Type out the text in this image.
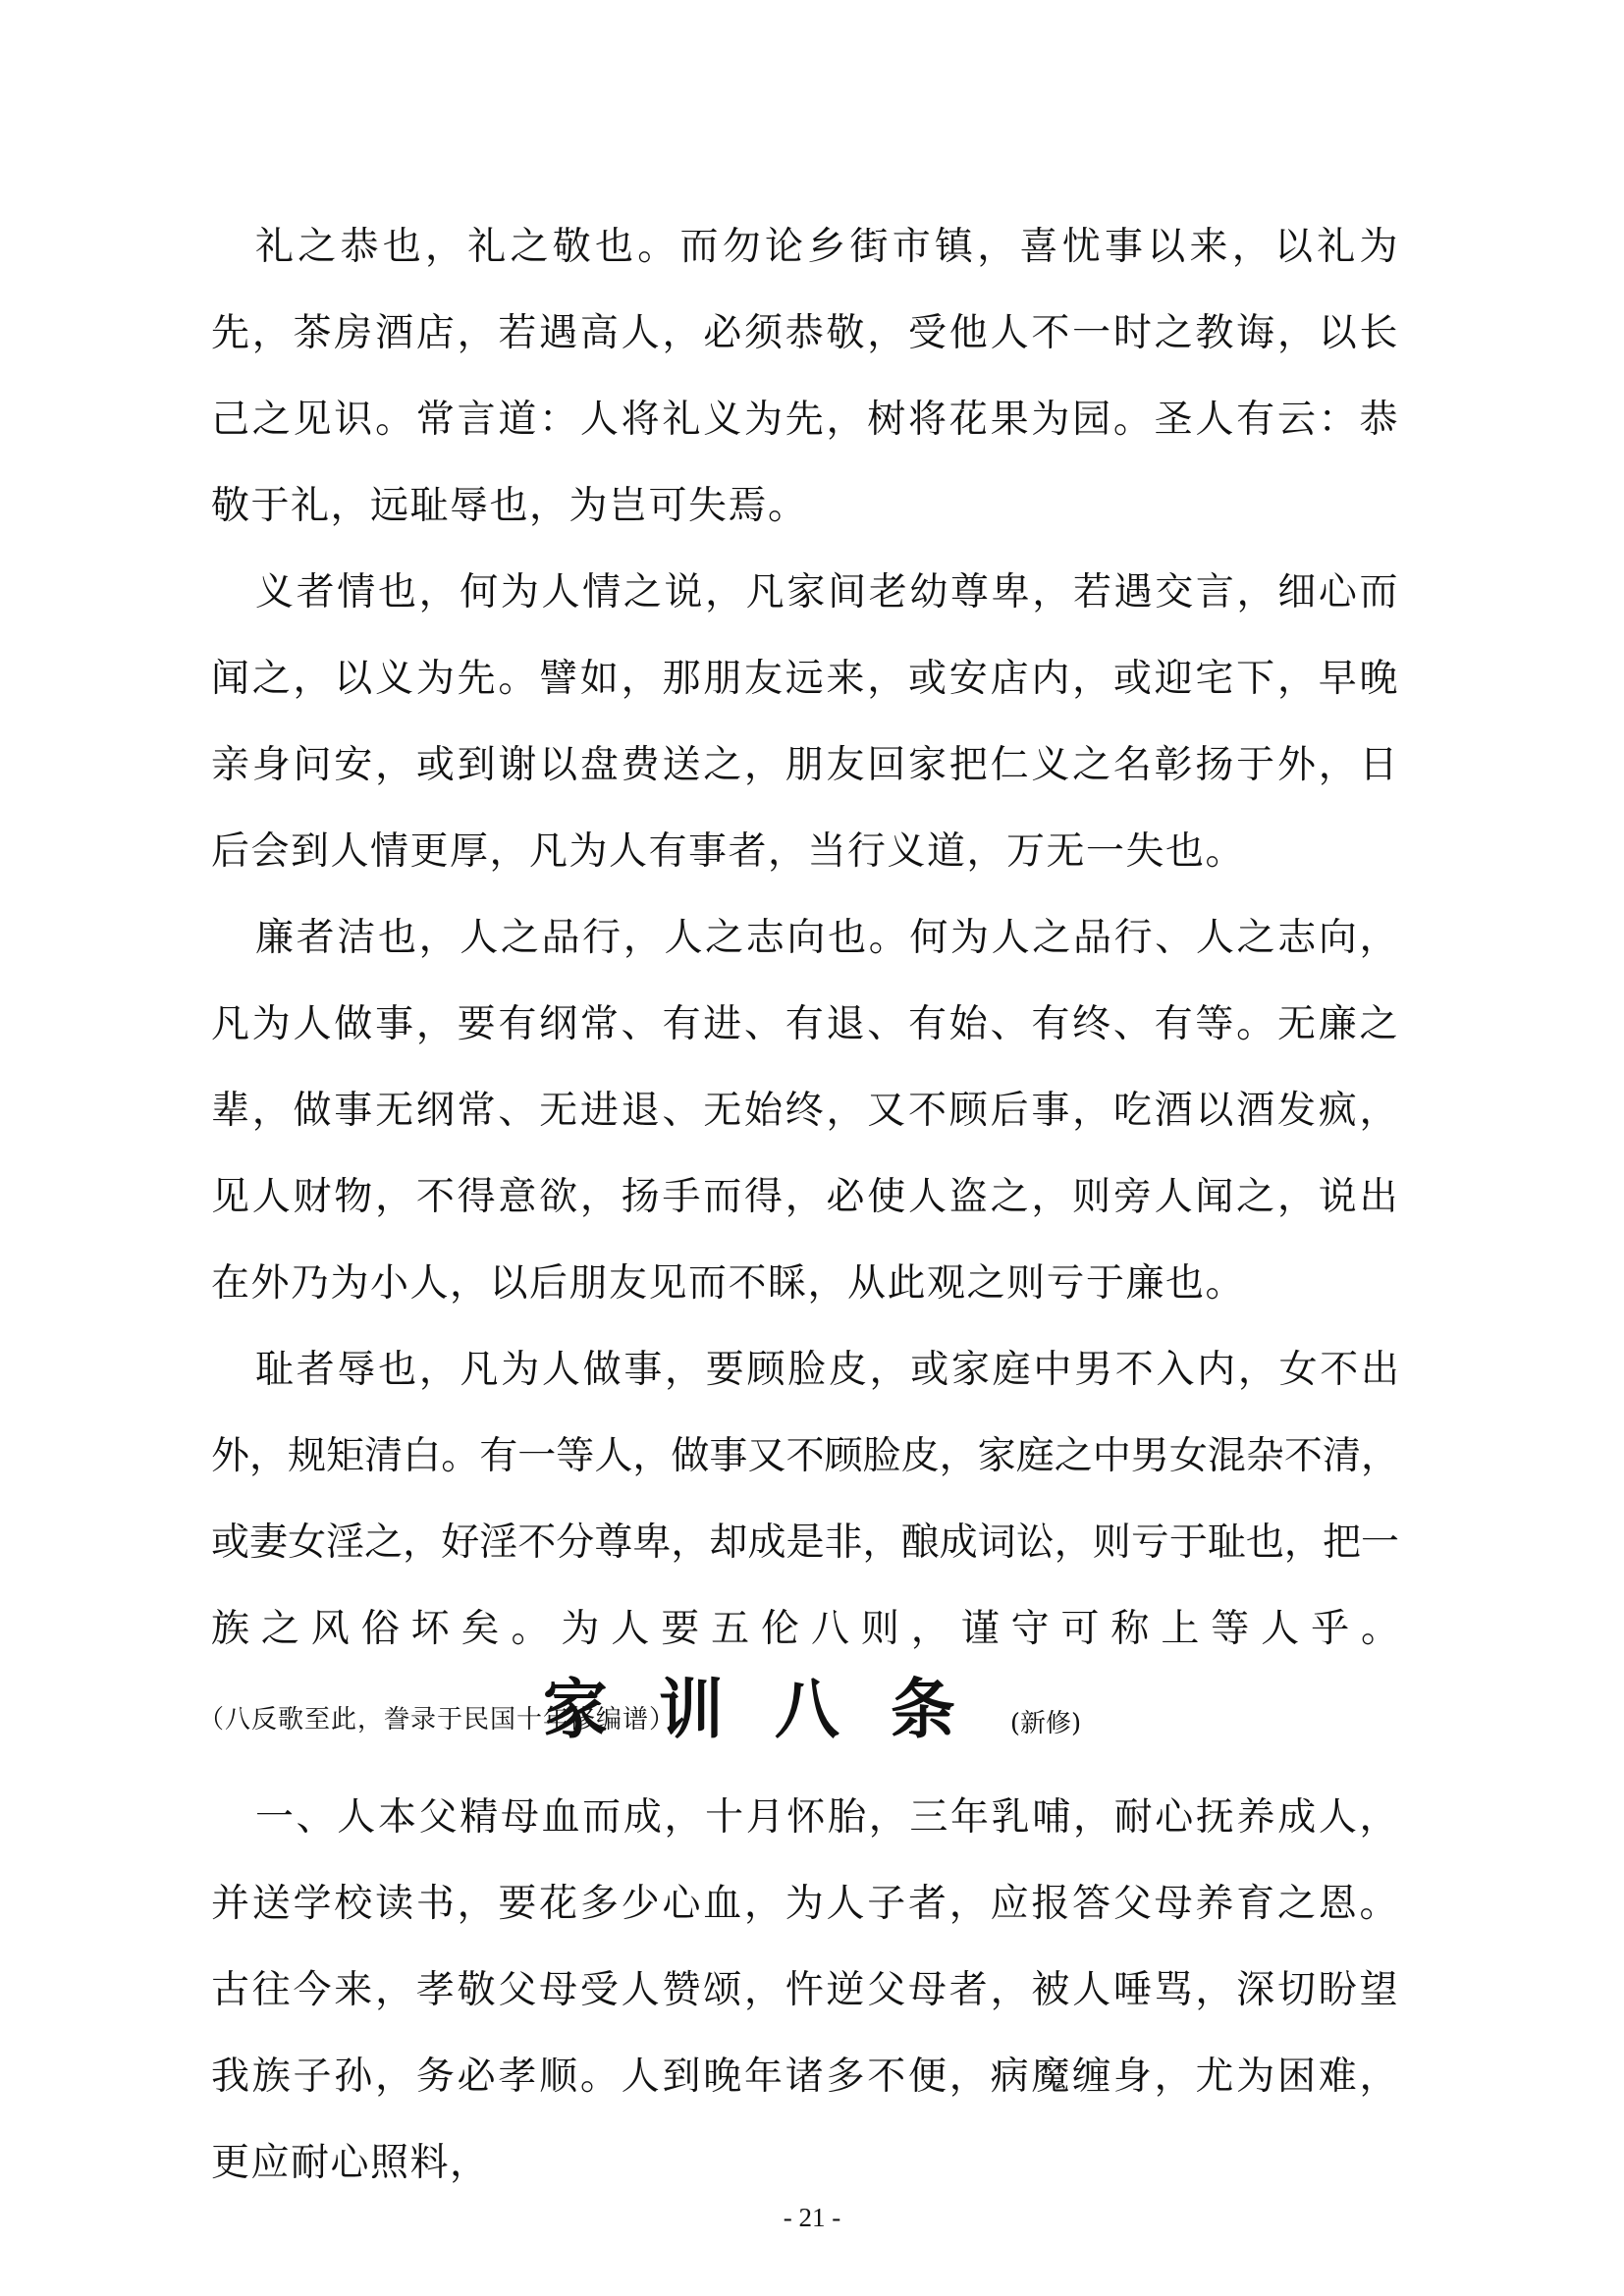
礼之恭也，礼之敬也。而勿论乡街市镇，喜忧事以来，以礼为先，茶房酒店，若遇高人，必须恭敬，受他人不一时之教诲，以长己之见识。常言道：人将礼义为先，树将花果为园。圣人有云：恭敬于礼，远耻辱也，为岂可失焉。

义者情也，何为人情之说，凡家间老幼尊卑，若遇交言，细心而闻之，以义为先。譬如，那朋友远来，或安店内，或迎宅下，早晚亲身问安，或到谢以盘费送之，朋友回家把仁义之名彰扬于外，日后会到人情更厚，凡为人有事者，当行义道，万无一失也。

廉者洁也，人之品行，人之志向也。何为人之品行、人之志向，凡为人做事，要有纲常、有进、有退、有始、有终、有等。无廉之辈，做事无纲常、无进退、无始终，又不顾后事，吃酒以酒发疯，见人财物，不得意欲，扬手而得，必使人盗之，则旁人闻之，说出在外乃为小人，以后朋友见而不睬，从此观之则亏于廉也。

耻者辱也，凡为人做事，要顾脸皮，或家庭中男不入内，女不出外，规矩清白。有一等人，做事又不顾脸皮，家庭之中男女混杂不清，或妻女淫之，好淫不分尊卑，却成是非，酿成词讼，则亏于耻也，把一族之风俗坏矣。为人要五伦八则，谨守可称上等人乎。（八反歌至此，誊录于民国十年修编谱）

家训八条 (新修)

一、人本父精母血而成，十月怀胎，三年乳哺，耐心抚养成人，并送学校读书，要花多少心血，为人子者，应报答父母养育之恩。古往今来，孝敬父母受人赞颂，忤逆父母者，被人唾骂，深切盼望我族子孙，务必孝顺。人到晚年诸多不便，病魔缠身，尤为困难，更应耐心照料，

- 21 -
